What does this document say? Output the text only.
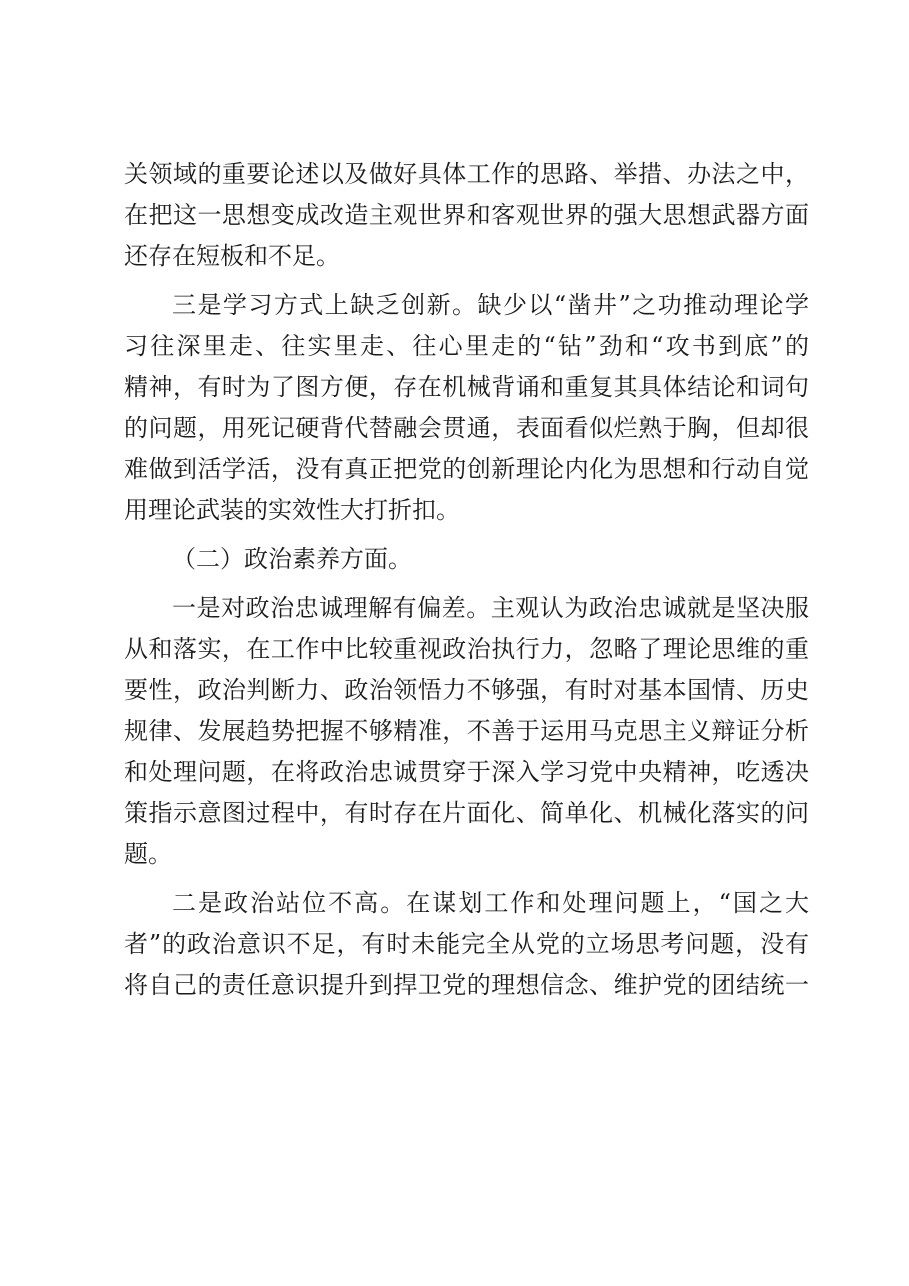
关领域的重要论述以及做好具体工作的思路、举措、办法之中，
在把这一思想变成改造主观世界和客观世界的强大思想武器方面
还存在短板和不足。
三是学习方式上缺乏创新。缺少以“凿井”之功推动理论学
习往深里走、往实里走、往心里走的“钻”劲和“攻书到底”的
精神，有时为了图方便，存在机械背诵和重复其具体结论和词句
的问题，用死记硬背代替融会贯通，表面看似烂熟于胸，但却很
难做到活学活，没有真正把党的创新理论内化为思想和行动自觉
用理论武装的实效性大打折扣。
（二）政治素养方面。
一是对政治忠诚理解有偏差。主观认为政治忠诚就是坚决服
从和落实，在工作中比较重视政治执行力，忽略了理论思维的重
要性，政治判断力、政治领悟力不够强，有时对基本国情、历史
规律、发展趋势把握不够精准，不善于运用马克思主义辩证分析
和处理问题，在将政治忠诚贯穿于深入学习党中央精神，吃透决
策指示意图过程中，有时存在片面化、简单化、机械化落实的问
题。
二是政治站位不高。在谋划工作和处理问题上，“国之大
者”的政治意识不足，有时未能完全从党的立场思考问题，没有
将自己的责任意识提升到捍卫党的理想信念、维护党的团结统一
